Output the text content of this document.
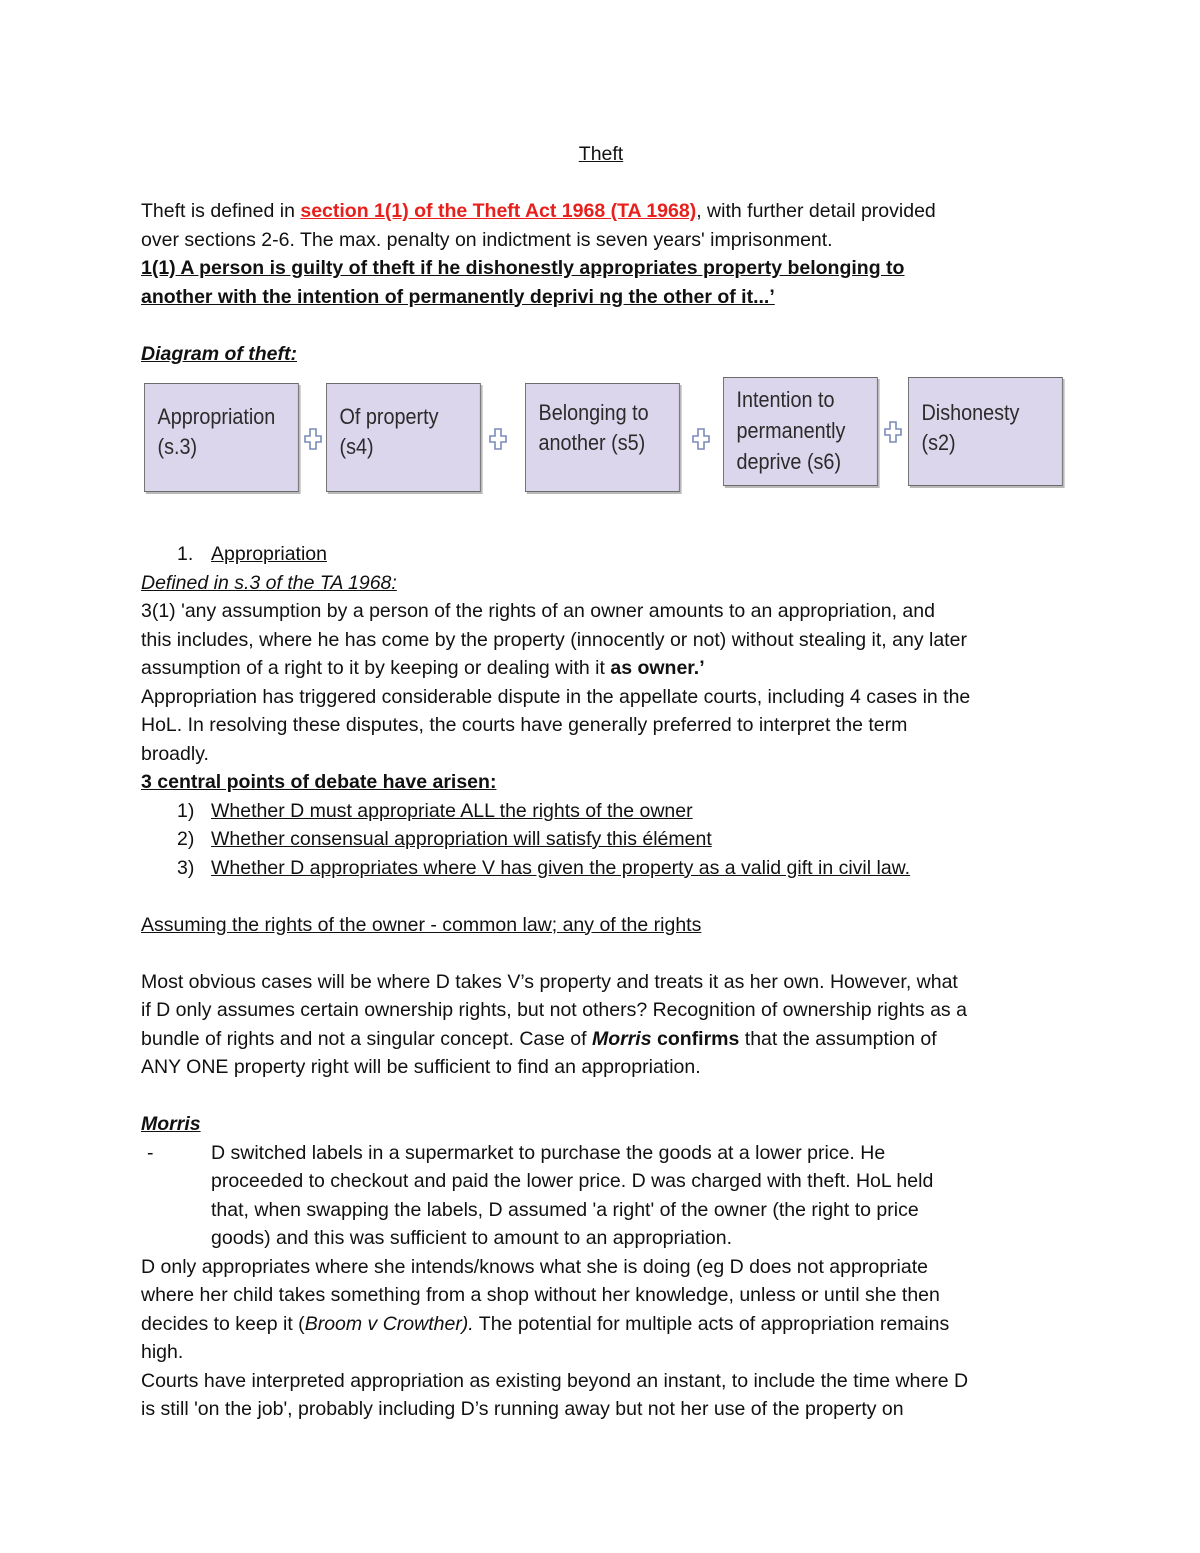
Appropriation
(s.3)
Of property
(s4)
Belonging to
another (s5)
Intention to
permanently
deprive (s6)
Dishonesty
(s2)

Theft

Theft is defined in section 1(1) of the Theft Act 1968 (TA 1968), with further detail provided

over sections 2-6. The max. penalty on indictment is seven years' imprisonment.

1(1) A person is guilty of theft if he dishonestly appropriates property belonging to

another with the intention of permanently deprivi ng the other of it...’

Diagram of theft:

1. Appropriation

Defined in s.3 of the TA 1968:

3(1) 'any assumption by a person of the rights of an owner amounts to an appropriation, and

this includes, where he has come by the property (innocently or not) without stealing it, any later

assumption of a right to it by keeping or dealing with it as owner.’

Appropriation has triggered considerable dispute in the appellate courts, including 4 cases in the

HoL. In resolving these disputes, the courts have generally preferred to interpret the term

broadly.

3 central points of debate have arisen:

1) Whether D must appropriate ALL the rights of the owner

2) Whether consensual appropriation will satisfy this élément

3) Whether D appropriates where V has given the property as a valid gift in civil law.

Assuming the rights of the owner - common law; any of the rights

Most obvious cases will be where D takes V’s property and treats it as her own. However, what

if D only assumes certain ownership rights, but not others? Recognition of ownership rights as a

bundle of rights and not a singular concept. Case of Morris confirms that the assumption of

ANY ONE property right will be sufficient to find an appropriation.

Morris

-	D switched labels in a supermarket to purchase the goods at a lower price. He

proceeded to checkout and paid the lower price. D was charged with theft. HoL held

that, when swapping the labels, D assumed 'a right' of the owner (the right to price

goods) and this was sufficient to amount to an appropriation.

D only appropriates where she intends/knows what she is doing (eg D does not appropriate

where her child takes something from a shop without her knowledge, unless or until she then

decides to keep it (Broom v Crowther). The potential for multiple acts of appropriation remains

high.

Courts have interpreted appropriation as existing beyond an instant, to include the time where D

is still 'on the job', probably including D’s running away but not her use of the property on
